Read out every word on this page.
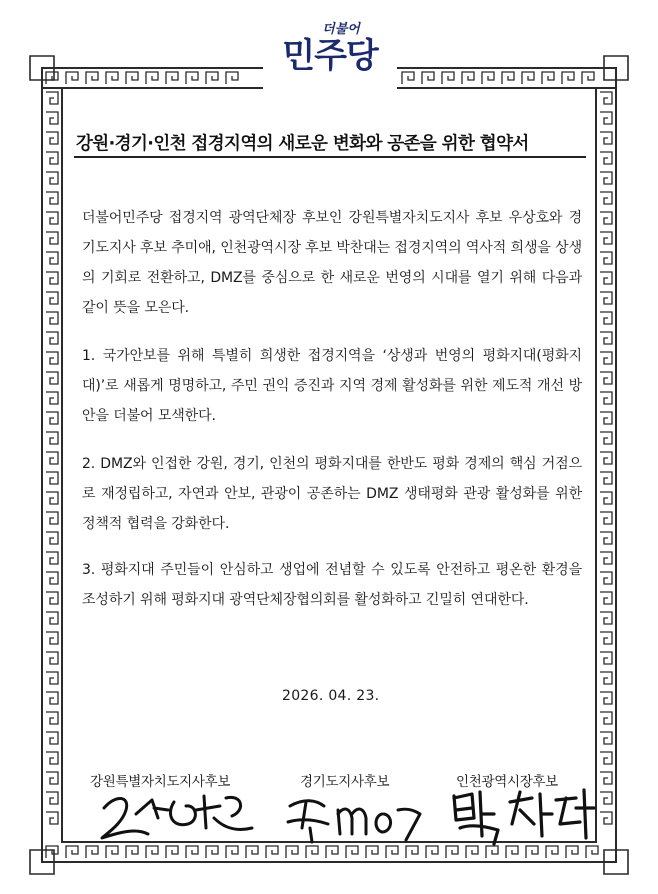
더불어
민주당
강원·경기·인천 접경지역의 새로운 변화와 공존을 위한 협약서
더불어민주당 접경지역 광역단체장 후보인 강원특별자치도지사 후보 우상호와 경기도지사 후보 추미애, 인천광역시장 후보 박찬대는 접경지역의 역사적 희생을 상생의 기회로 전환하고, DMZ를 중심으로 한 새로운 번영의 시대를 열기 위해 다음과 같이 뜻을 모은다.
1. 국가안보를 위해 특별히 희생한 접경지역을 ‘상생과 번영의 평화지대(평화지대)’로 새롭게 명명하고, 주민 권익 증진과 지역 경제 활성화를 위한 제도적 개선 방안을 더불어 모색한다.
2. DMZ와 인접한 강원, 경기, 인천의 평화지대를 한반도 평화 경제의 핵심 거점으로 재정립하고, 자연과 안보, 관광이 공존하는 DMZ 생태평화 관광 활성화를 위한 정책적 협력을 강화한다.
3. 평화지대 주민들이 안심하고 생업에 전념할 수 있도록 안전하고 평온한 환경을 조성하기 위해 평화지대 광역단체장협의회를 활성화하고 긴밀히 연대한다.
2026. 04. 23.
강원특별자치도지사후보	경기도지사후보	인천광역시장후보
